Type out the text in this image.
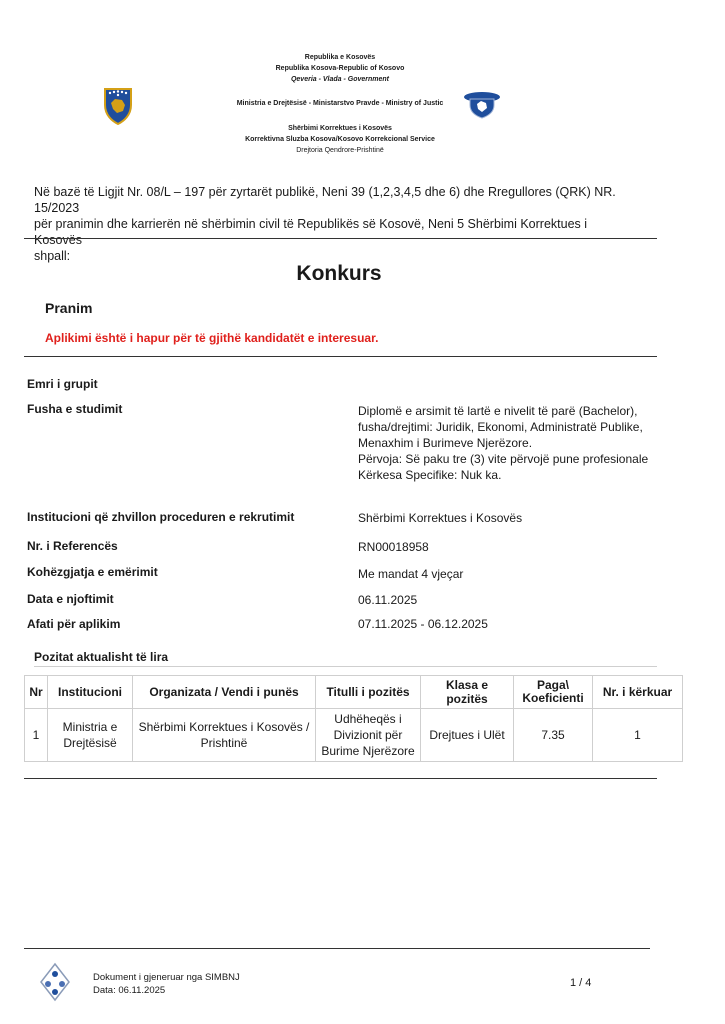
Republika e Kosovës
Republika Kosova-Republic of Kosovo
Qeveria - Vlada - Government
Ministria e Drejtësisë - Ministarstvo Pravde - Ministry of Justic
Shërbimi Korrektues i Kosovës
Korrektivna Sluzba Kosova/Kosovo Korrekcional Service
Drejtoria Qendrore-Prishtinë
Në bazë të Ligjit Nr. 08/L – 197 për zyrtarët publikë, Neni 39 (1,2,3,4,5 dhe 6) dhe Rregullores (QRK) NR. 15/2023
për pranimin dhe karrierën në shërbimin civil të Republikës së Kosovë, Neni 5 Shërbimi Korrektues i Kosovës
shpall:
Konkurs
Pranim
Aplikimi është i hapur për të gjithë kandidatët e interesuar.
Emri i grupit
Fusha e studimit	Diplomë e arsimit të lartë e nivelit të parë (Bachelor),
fusha/drejtimi: Juridik, Ekonomi, Administratë Publike,
Menaxhim i Burimeve Njerëzore.
Përvoja: Së paku tre (3) vite përvojë pune profesionale
Kërkesa Specifike: Nuk ka.
Institucioni që zhvillon proceduren e rekrutimit	Shërbimi Korrektues i Kosovës
Nr. i Referencës	RN00018958
Kohëzgjatja e emërimit	Me mandat 4 vjeçar
Data e njoftimit	06.11.2025
Afati për aplikim	07.11.2025 - 06.12.2025
Pozitat aktualisht të lira
Nr	Institucioni	Organizata / Vendi i punës	Titulli i pozitës	Klasa e pozitës	Paga\ Koeficienti	Nr. i kërkuar
1	Ministria e Drejtësisë	Shërbimi Korrektues i Kosovës / Prishtinë	Udhëheqës i Divizionit për Burime Njerëzore	Drejtues i Ulët	7.35	1
Dokument i gjeneruar nga SIMBNJ
Data: 06.11.2025
1 / 4
